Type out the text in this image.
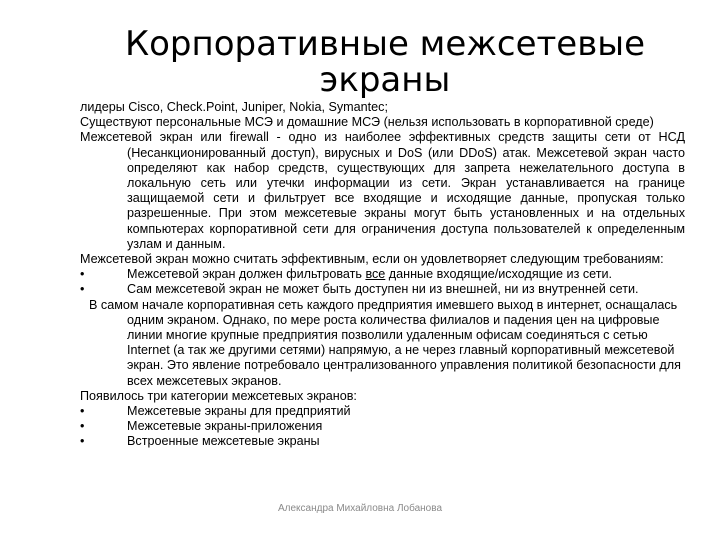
Корпоративные межсетевые
экраны

лидеры Cisco, Check.Point, Juniper, Nokia, Symantec;

Существуют персональные МСЭ и домашние МСЭ (нельзя использовать в корпоративной среде)

Межсетевой экран или firewall - одно из наиболее эффективных средств защиты сети от НСД (Несанкционированный доступ), вирусных и DoS (или DDoS) атак. Межсетевой экран часто определяют как набор средств, существующих для запрета нежелательного доступа в локальную сеть или утечки информации из сети. Экран устанавливается на границе защищаемой сети и фильтрует все входящие и исходящие данные, пропуская только разрешенные. При этом межсетевые экраны могут быть установленных и на отдельных компьютерах корпоративной сети для ограничения доступа пользователей к определенным узлам и данным.

Межсетевой экран можно считать эффективным, если он удовлетворяет следующим требованиям:

•	Межсетевой экран должен фильтровать все данные входящие/исходящие из сети.

•	Сам межсетевой экран не может быть доступен ни из внешней, ни из внутренней сети.

В самом начале корпоративная сеть каждого предприятия имевшего выход в интернет, оснащалась одним экраном. Однако, по мере роста количества филиалов и падения цен на цифровые линии многие крупные предприятия позволили удаленным офисам соединяться с сетью Internet (а так же другими сетями) напрямую, а не через главный корпоративный межсетевой экран. Это явление потребовало централизованного управления политикой безопасности для всех межсетевых экранов.

Появилось три категории межсетевых экранов:

•	Межсетевые экраны для предприятий

•	Межсетевые экраны-приложения

•	Встроенные межсетевые экраны

Александра Михайловна Лобанова
